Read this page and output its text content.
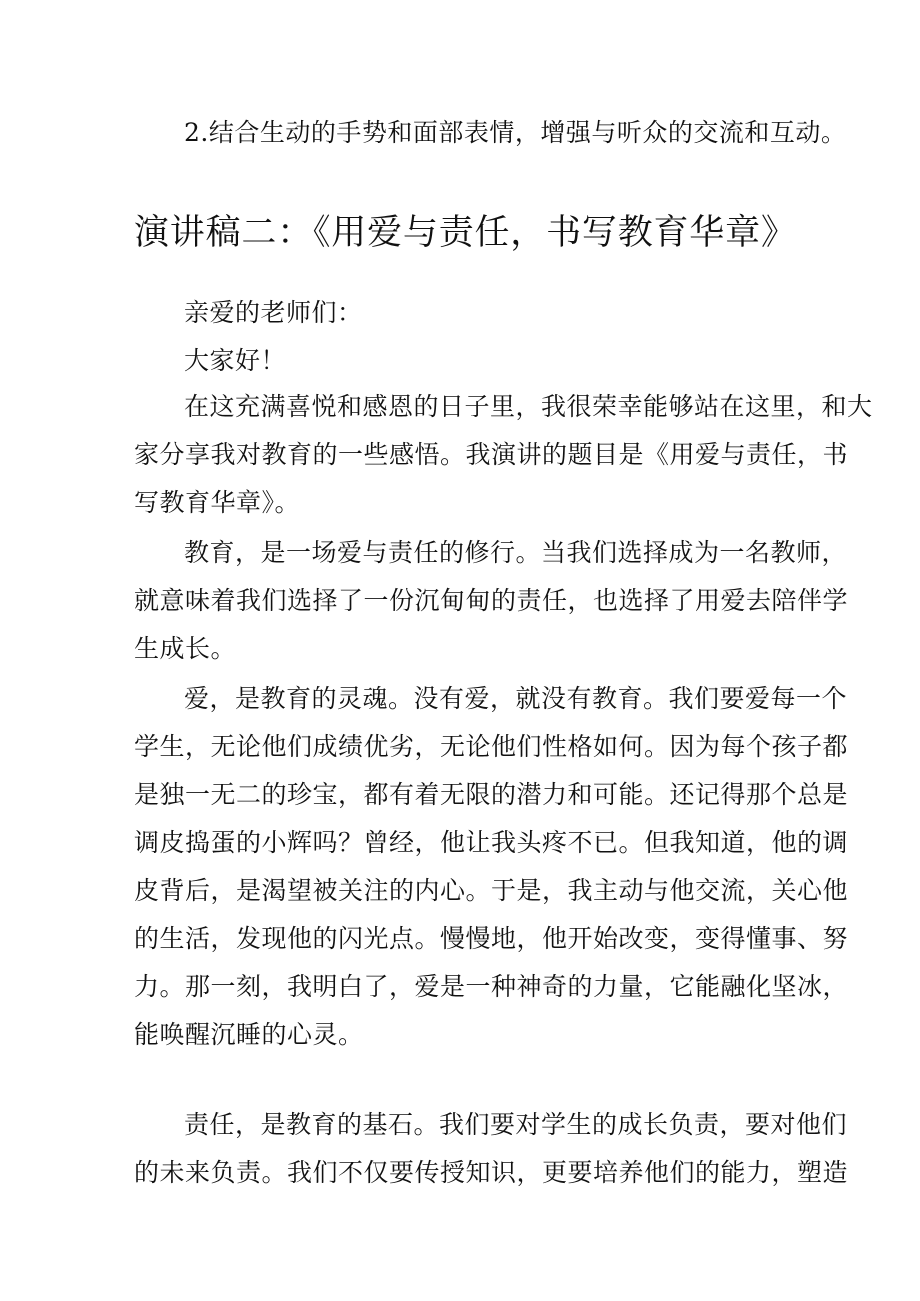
2.结合生动的手势和面部表情，增强与听众的交流和互动。

演讲稿二：《用爱与责任，书写教育华章》

亲爱的老师们：

大家好！

在这充满喜悦和感恩的日子里，我很荣幸能够站在这里，和大

家分享我对教育的一些感悟。我演讲的题目是《用爱与责任，书

写教育华章》。

教育，是一场爱与责任的修行。当我们选择成为一名教师，

就意味着我们选择了一份沉甸甸的责任，也选择了用爱去陪伴学

生成长。

爱，是教育的灵魂。没有爱，就没有教育。我们要爱每一个

学生，无论他们成绩优劣，无论他们性格如何。因为每个孩子都

是独一无二的珍宝，都有着无限的潜力和可能。还记得那个总是

调皮捣蛋的小辉吗？曾经，他让我头疼不已。但我知道，他的调

皮背后，是渴望被关注的内心。于是，我主动与他交流，关心他

的生活，发现他的闪光点。慢慢地，他开始改变，变得懂事、努

力。那一刻，我明白了，爱是一种神奇的力量，它能融化坚冰，

能唤醒沉睡的心灵。

责任，是教育的基石。我们要对学生的成长负责，要对他们

的未来负责。我们不仅要传授知识，更要培养他们的能力，塑造
